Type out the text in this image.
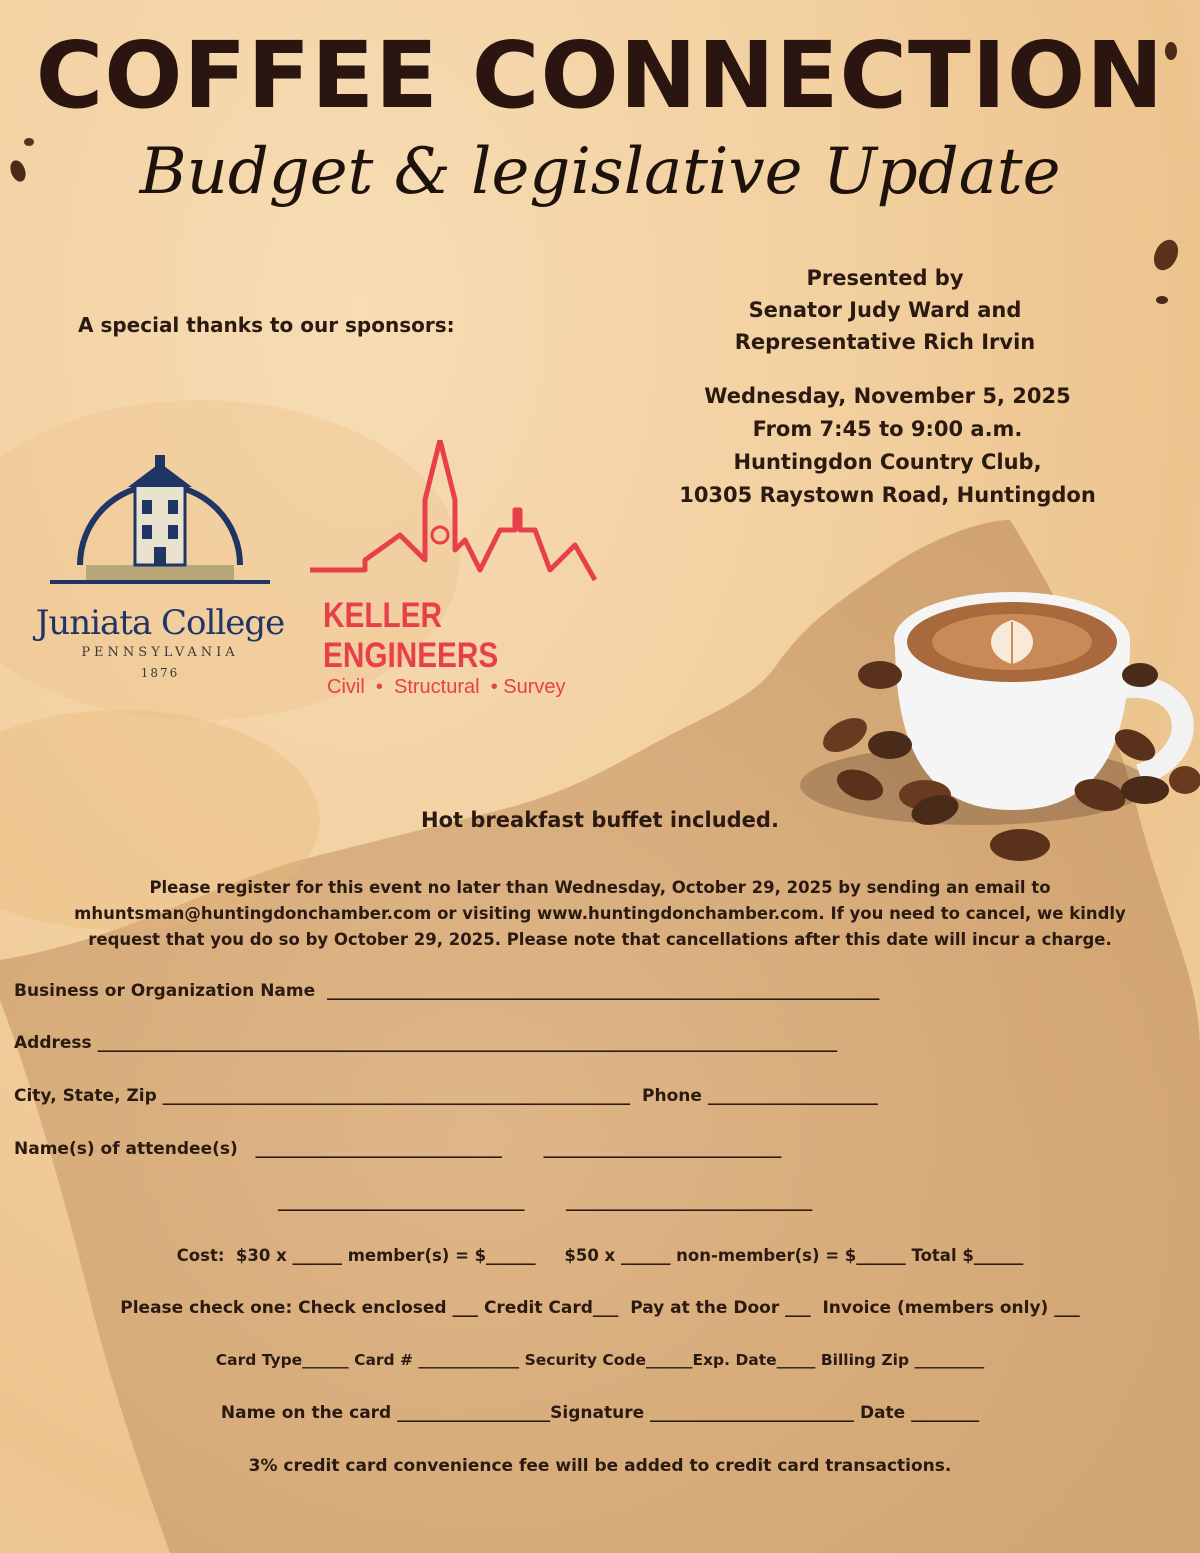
COFFEE CONNECTION
Budget & legislative Update
A special thanks to our sponsors:
Presented by
Senator Judy Ward and
Representative Rich Irvin
Wednesday, November 5, 2025
From 7:45 to 9:00 a.m.
Huntingdon Country Club,
10305 Raystown Road, Huntingdon
Juniata College
PENNSYLVANIA
1876
KELLER ENGINEERS
Civil  •  Structural  • Survey
Hot breakfast buffet included.
Please register for this event no later than Wednesday, October 29, 2025 by sending an email to
mhuntsman@huntingdonchamber.com or visiting www.huntingdonchamber.com. If you need to cancel, we kindly
request that you do so by October 29, 2025. Please note that cancellations after this date will incur a charge.
Business or Organization Name  _________________________________________________________________
Address _______________________________________________________________________________________
City, State, Zip _______________________________________________________  Phone ____________________
Name(s) of attendee(s)   _____________________________       ____________________________
_____________________________       _____________________________
Cost:  $30 x ______ member(s) = $______     $50 x ______ non-member(s) = $______ Total $______
Please check one: Check enclosed ___ Credit Card___  Pay at the Door ___  Invoice (members only) ___
Card Type______ Card # _____________ Security Code______Exp. Date_____ Billing Zip _________
Name on the card __________________Signature ________________________ Date ________
3% credit card convenience fee will be added to credit card transactions.
